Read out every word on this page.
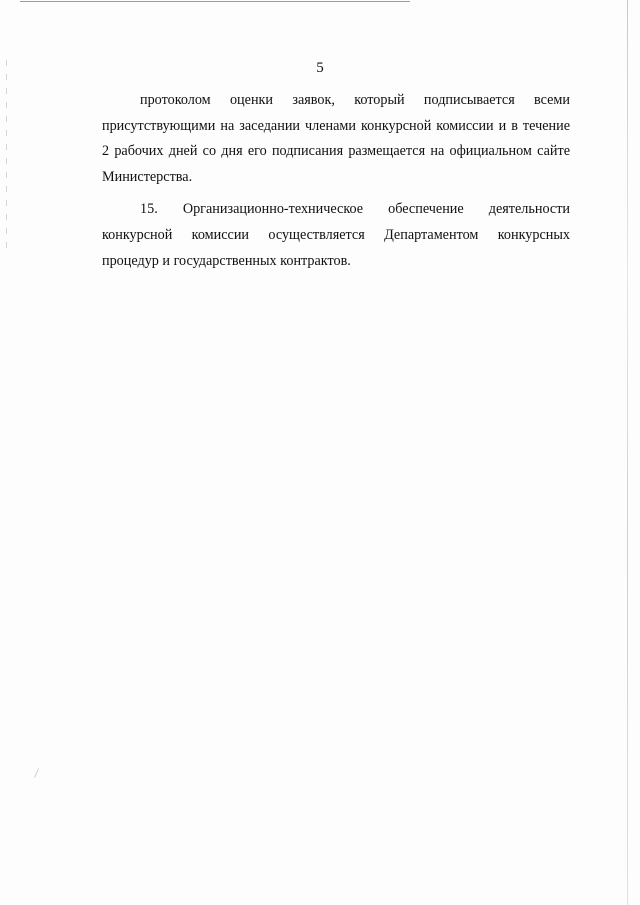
5
протоколом оценки заявок, который подписывается всеми
присутствующими на заседании членами конкурсной комиссии и в течение
2 рабочих дней со дня его подписания размещается на официальном сайте
Министерства.
15. Организационно-техническое обеспечение деятельности
конкурсной комиссии осуществляется Департаментом конкурсных
процедур и государственных контрактов.
